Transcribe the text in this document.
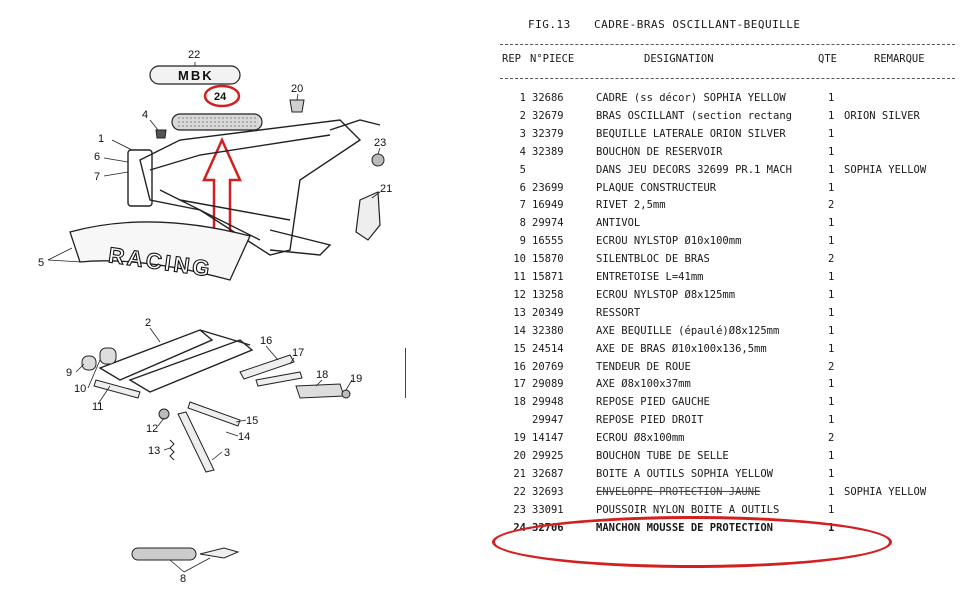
MBK
RACING
22
24
20
4
1
6
7
23
21
5
2
16
9
10
11
17
18 19
12
15
14
13	3
8
FIG.13 CADRE-BRAS OSCILLANT-BEQUILLE
REP N°PIECE	DESIGNATION	QTE	REMARQUE
1 32686	CADRE (ss décor) SOPHIA YELLOW	1
2 32679	BRAS OSCILLANT (section rectang	1 ORION SILVER
3 32379	BEQUILLE LATERALE ORION SILVER	1
4 32389	BOUCHON DE RESERVOIR	1
5	DANS JEU DECORS 32699 PR.1 MACH	1 SOPHIA YELLOW
6 23699	PLAQUE CONSTRUCTEUR	1
7 16949	RIVET 2,5mm	2
8 29974	ANTIVOL	1
9 16555	ECROU NYLSTOP Ø10x100mm	1
10 15870	SILENTBLOC DE BRAS	2
11 15871	ENTRETOISE L=41mm	1
12 13258	ECROU NYLSTOP Ø8x125mm	1
13 20349	RESSORT	1
14 32380	AXE BEQUILLE (épaulé)Ø8x125mm	1
15 24514	AXE DE BRAS Ø10x100x136,5mm	1
16 20769	TENDEUR DE ROUE	2
17 29089	AXE Ø8x100x37mm	1
18 29948	REPOSE PIED GAUCHE	1
29947	REPOSE PIED DROIT	1
19 14147	ECROU Ø8x100mm	2
20 29925	BOUCHON TUBE DE SELLE	1
21 32687	BOITE A OUTILS SOPHIA YELLOW	1
22 32693	ENVELOPPE PROTECTION JAUNE	1 SOPHIA YELLOW
23 33091	POUSSOIR NYLON BOITE A OUTILS	1
24 32706	MANCHON MOUSSE DE PROTECTION	1
